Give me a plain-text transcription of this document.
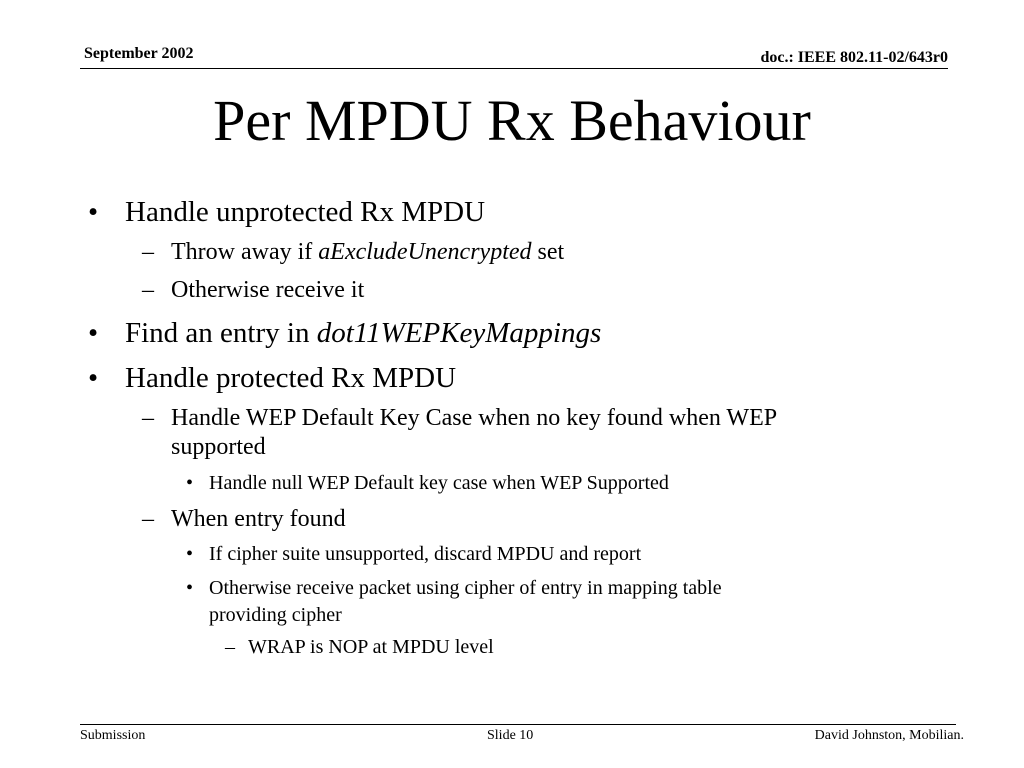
September 2002	doc.: IEEE 802.11-02/643r0
Per MPDU Rx Behaviour
• Handle unprotected Rx MPDU
– Throw away if aExcludeUnencrypted set
– Otherwise receive it
• Find an entry in dot11WEPKeyMappings
• Handle protected Rx MPDU
– Handle WEP Default Key Case when no key found when WEP
supported
• Handle null WEP Default key case when WEP Supported
– When entry found
• If cipher suite unsupported, discard MPDU and report
• Otherwise receive packet using cipher of entry in mapping table
providing cipher
– WRAP is NOP at MPDU level
Submission	Slide 10	David Johnston, Mobilian.
